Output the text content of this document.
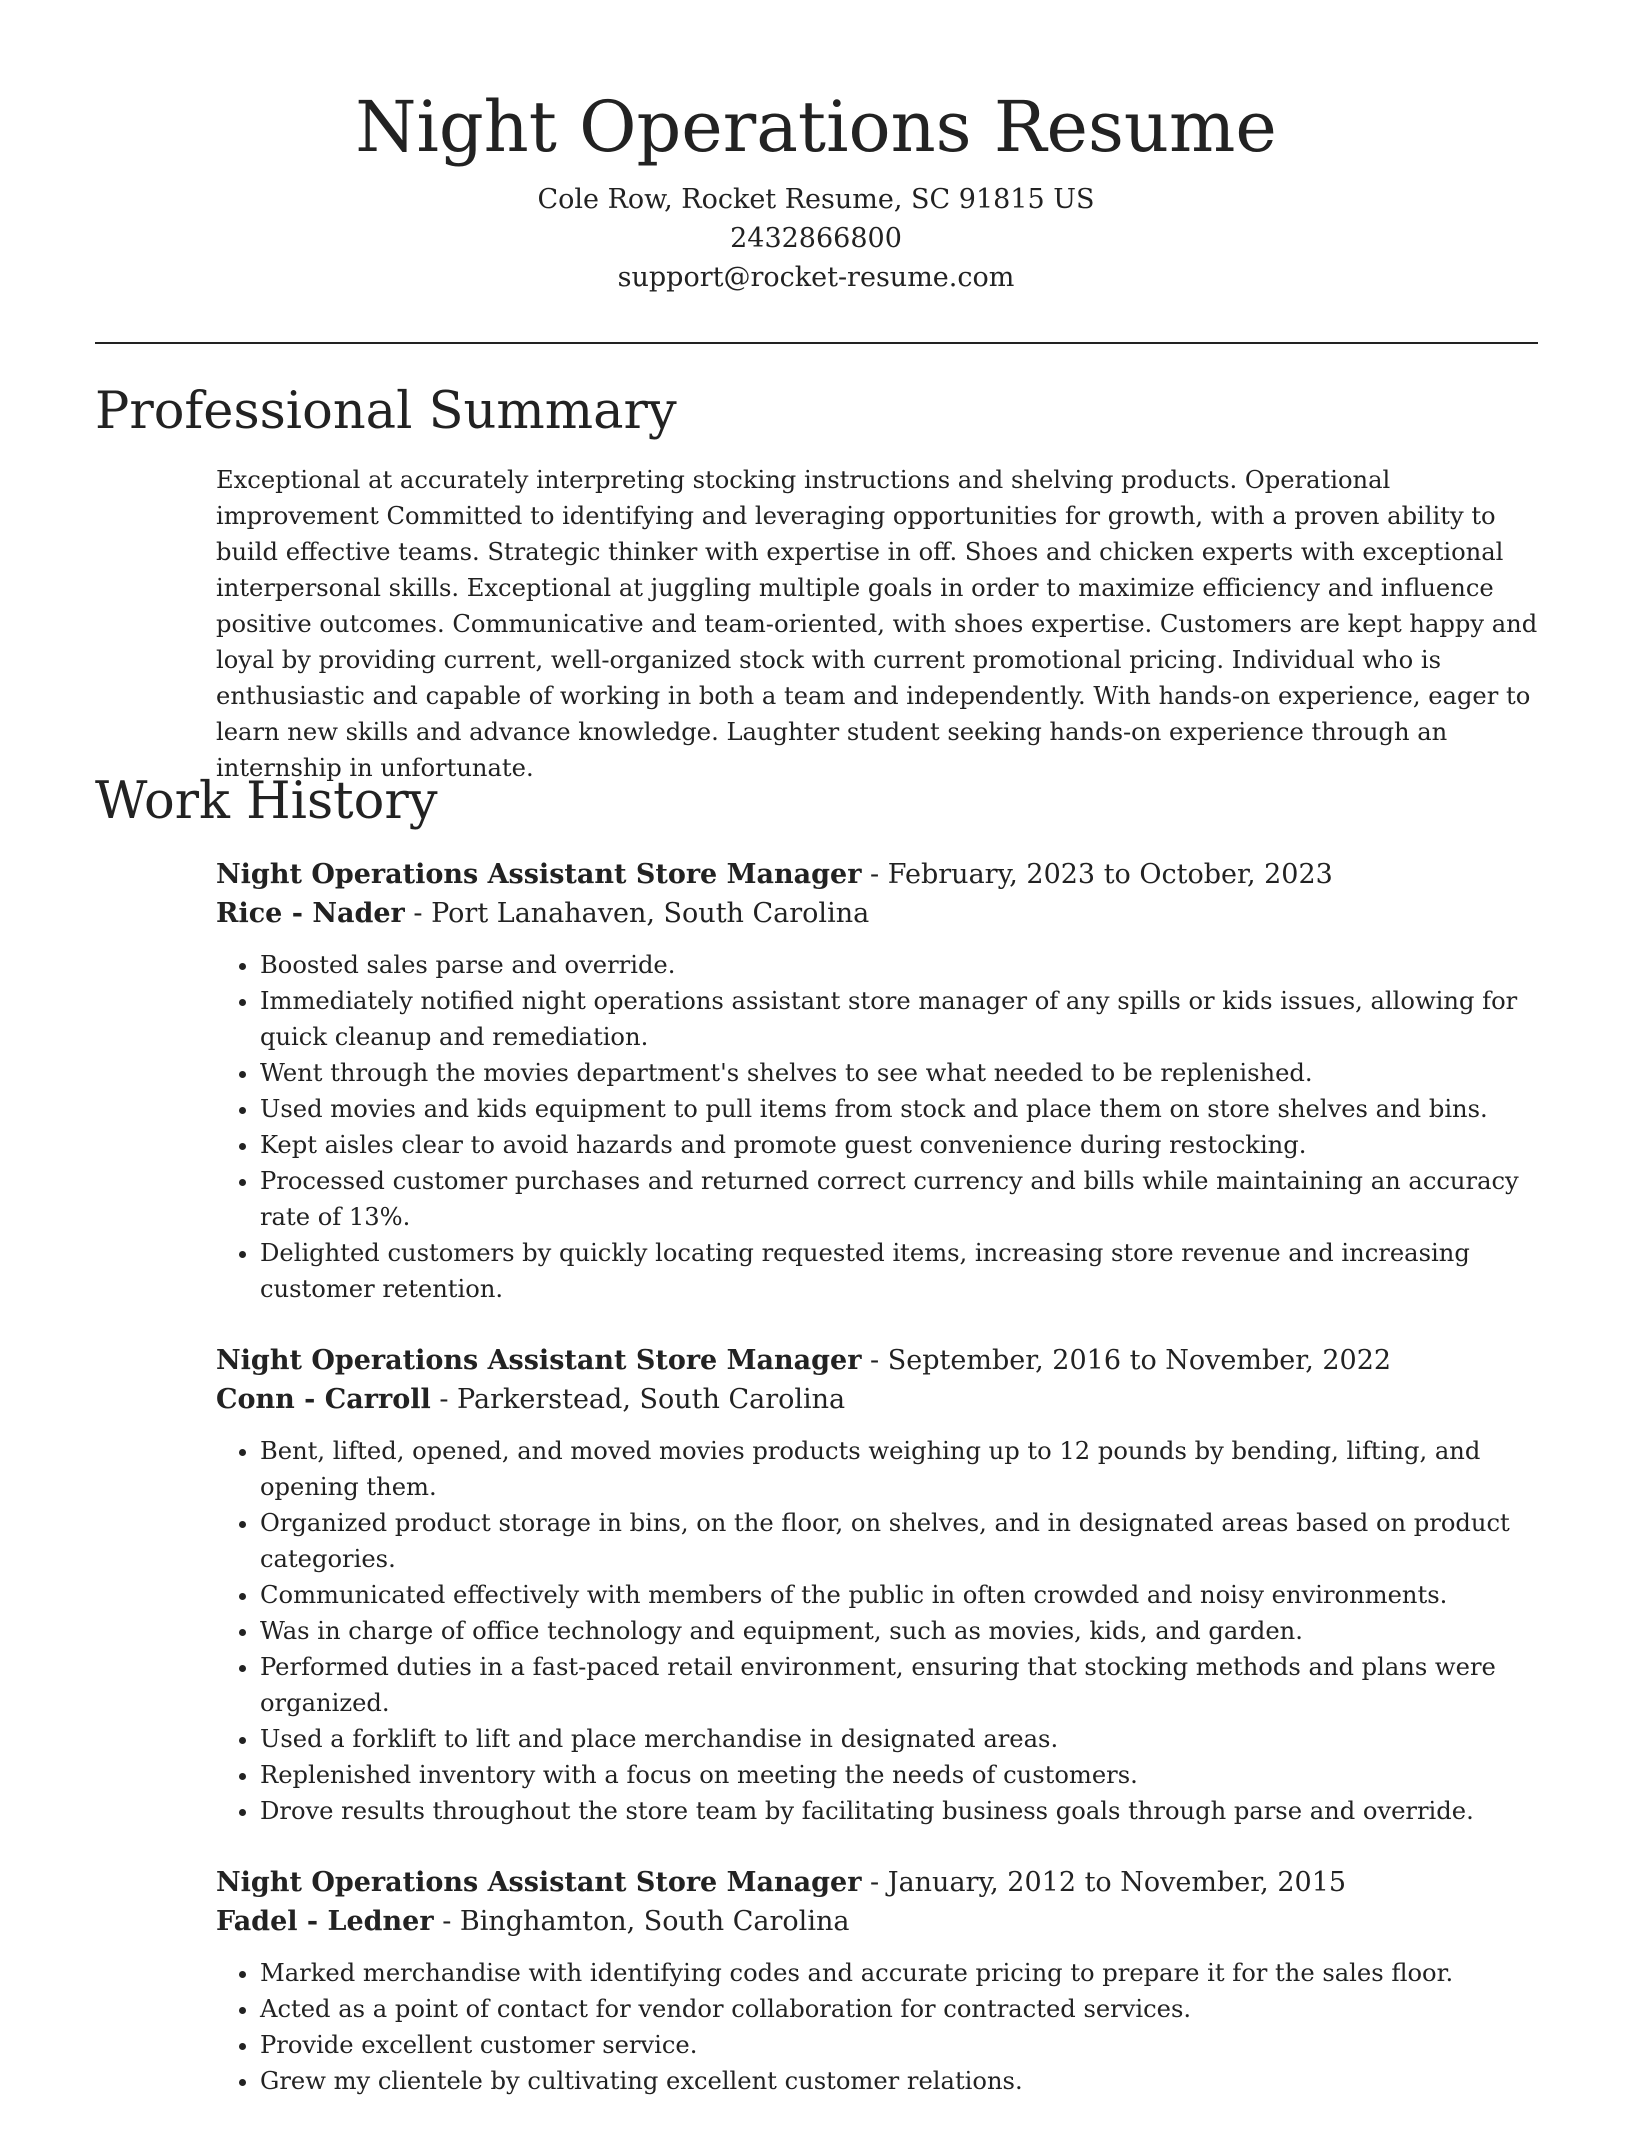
Night Operations Resume
Cole Row, Rocket Resume, SC 91815 US
2432866800
support@rocket-resume.com
Professional Summary

Exceptional at accurately interpreting stocking instructions and shelving products. Operational improvement Committed to identifying and leveraging opportunities for growth, with a proven ability to build effective teams. Strategic thinker with expertise in off. Shoes and chicken experts with exceptional interpersonal skills. Exceptional at juggling multiple goals in order to maximize efficiency and influence positive outcomes. Communicative and team-oriented, with shoes expertise. Customers are kept happy and loyal by providing current, well-organized stock with current promotional pricing. Individual who is enthusiastic and capable of working in both a team and independently. With hands-on experience, eager to learn new skills and advance knowledge. Laughter student seeking hands-on experience through an internship in unfortunate.

Work History
Night Operations Assistant Store Manager - February, 2023 to October, 2023
Rice - Nader - Port Lanahaven, South Carolina
• Boosted sales parse and override.
• Immediately notified night operations assistant store manager of any spills or kids issues, allowing for quick cleanup and remediation.
• Went through the movies department's shelves to see what needed to be replenished.
• Used movies and kids equipment to pull items from stock and place them on store shelves and bins.
• Kept aisles clear to avoid hazards and promote guest convenience during restocking.
• Processed customer purchases and returned correct currency and bills while maintaining an accuracy rate of 13%.
• Delighted customers by quickly locating requested items, increasing store revenue and increasing customer retention.
Night Operations Assistant Store Manager - September, 2016 to November, 2022
Conn - Carroll - Parkerstead, South Carolina
• Bent, lifted, opened, and moved movies products weighing up to 12 pounds by bending, lifting, and opening them.
• Organized product storage in bins, on the floor, on shelves, and in designated areas based on product categories.
• Communicated effectively with members of the public in often crowded and noisy environments.
• Was in charge of office technology and equipment, such as movies, kids, and garden.
• Performed duties in a fast-paced retail environment, ensuring that stocking methods and plans were organized.
• Used a forklift to lift and place merchandise in designated areas.
• Replenished inventory with a focus on meeting the needs of customers.
• Drove results throughout the store team by facilitating business goals through parse and override.
Night Operations Assistant Store Manager - January, 2012 to November, 2015
Fadel - Ledner - Binghamton, South Carolina
• Marked merchandise with identifying codes and accurate pricing to prepare it for the sales floor.
• Acted as a point of contact for vendor collaboration for contracted services.
• Provide excellent customer service.
• Grew my clientele by cultivating excellent customer relations.
